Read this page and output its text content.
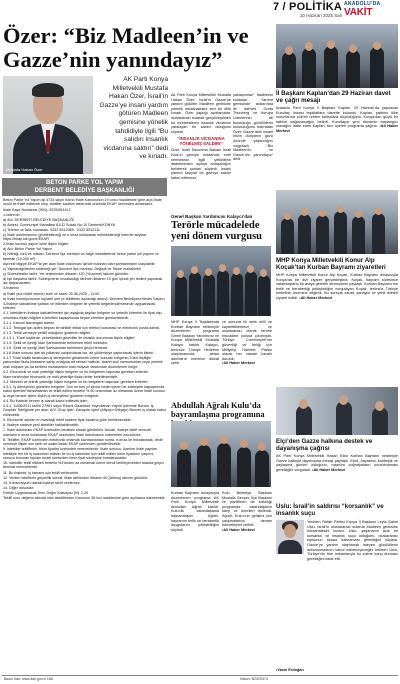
7 / POLİTİKA
10 Haziran 2025 Salı
ANADOLU'DA
VAKİT
Özer: “Biz Madleen’in ve Gazze’nin yanındayız”
Mustafa Hakan Özer
AK Parti Konya Milletvekili Mustafa Hakan Özer, İsrail’in Gazze’ye insani yardım götüren Madleen gemisine yönelik tahdidiyle ilgili “Bu salıdırı insanlık vicdanına saldırı” dedi ve kınadı.

Ak Parti Konya Milletvekili Mustafa Hakan Özer, İsrail’in Gazze’ye yardım götüren Madleen gemisine yönelik müdahalesini sert bir dille kınadı. Özer yaptığı açıklamada, uluslararası sularda gerçekleştirilen bu müdahalenin insanlık vicdanını yaralayan bir saldırı olduğunu söyledi.

“İNSANLIK VİCDANINA YÖNELMİŞ SALDIRI”

Özer, İsrail Savunma Bakanı İsrail Katz’ın gemiye müdahale emri vermesinin ilgili yetkililerin ifadelerinden açıkça anlaşıldığını belirterek şunları söyledi: İnsani yardım taşıyan bir gemiye saldırı kabul edilemez.

yaklaşımları” ifadelerini kullanan Yardım gemisinde aralarında ile dahveli Greta Thunberg ve Avrupa Liderlerinin de bulunduğu gönüllülerin bulunduğunu hatırlatan Özer, Gazze’deki insani krizin dünyanın gözü önünde yaşandığını vurguladı. “Biz Madleen’in ve Gazze’nin yanındayız” dedi.

BETON PARKE YOL YAPIM
DERBENT BELEDİYE BAŞKANLIĞI

Beton Parke Yol Yapım işi 4734 sayılı Kamu İhale Kanununun 19 uncu maddesine göre açık ihale usulü ile ihale edilecek olup, teklifler sadece elektronik ortamda EKAP üzerinden alınacaktır.

İhale Kayıt Numarası (İKN): 2025/951412

1-İdarenin

a) Adı: DERBENT BELEDİYE BAŞKANLIĞI

b) Adresi: Cumhuriyet Mahallesi 81/11 Sokak No:10 Derbent/KONYA

c) Telefon ve faks numarası: 0332 5512985 - 0332 5512111

ç) İhale dokümanının görülebileceği ve e-imza kullanarak indirilebileceği internet sayfası: https://ekap.kik.gov.tr/EKAP/

2-İhale konusu yapım işine ilişkin bilgiler

a) Adı: Beton Parke Yol Yapım

b) Niteliği, türü ve miktarı: Derbent İlçe merkezi ve bağlı mahallelerde beton parke yol yapımı ve tamiratı (15.000 m²)

Ayrıntılı bilgiye EKAP’ta yer alan ihale dokümanı içinde bulunan idari şartnameden ulaşılabilir.

c) Yapılacağı/teslim edileceği yer: Derbent İlçe merkezi, Değişik ve Tekke mahalleleri

ç) Süresi/teslim tarihi: Yer tesliminden itibaren 120 (Yüzyirmi) takvim günüdür.

d) İşe başlama tarihi: Sözleşmenin imzalandığı tarihten itibaren 10 gün içinde yer teslimi yapılarak işe başlanacaktır.

3-İhalenin

a) İhale (son teklif verme) tarih ve saati: 25.06.2025 - 11:00

b) İhale komisyonunun toplantı yeri (e-tekliflerin açılacağı adres): Derbent Belediyesi Meclis Salonu

4-İhaleye katılabilme şartları ve istenilen belgeler ile yeterlik değerlendirmesinde uygulanacak kriterler:

4.1. İsteklilerin ihaleye katılabilmeleri için aşağıda sayılan belgeler ve yeterlik kriterleri ile fiyat dışı unsurlara ilişkin bilgileri e-teklifleri kapsamında beyan etmeleri gerekmektedir.

4.1.1. Kanuni ikametgah adresi.

4.1.2. Tebligat için adres beyanı ile birlikte irtibat için telefon numarası ve elektronik posta adresi.

4.1.3. Teklif vermeye yetkili olduğunu gösteren bilgiler.

4.1.3.1. Tüzel kişilerde, yönetimdeki görevliler ile ortaklık durumuna ilişkin bilgiler.

4.1.4. Şekli ve içeriği İdari Şartnamede belirlenen teklif mektubu.

4.1.5. Şekli ve içeriği İdari Şartnamede belirlenen geçici teminat.

4.1.6 İhale konusu işte alt yüklenici çalıştırılacak ise, alt yükleniciye yaptırılacak işlerin listesi.

4.1.7 Tüzel kişilik tarafından iş deneyimini göstermek üzere sunulan belgenin, tüzel kişiliğin yarısından fazla hissesine sahip ortağına ait olması halinde, ticaret sicil memurlukları veya yeminli mali müşavir ya da serbest muhasebeci mali müşavir tarafından düzenlenen belge.

4.2. Ekonomik ve mali yeterliğe ilişkin belgeler ve bu belgelerin taşıması gereken kriterler:

İdare tarafından ekonomik ve mali yeterliğe ilişkin kriter belirtilmemiştir.

4.3. Mesleki ve teknik yeterliğe ilişkin belgeler ve bu belgelerin taşıması gereken kriterler:

4.3.1. İş deneyimini gösteren belgeler: Son on beş yıl içinde bedel içeren bir sözleşme kapsamında kabul işlemleri tamamlanan ve teklif edilen bedelin % 50 oranından az olmamak üzere ihale konusu iş veya benzer işlere ilişkin iş deneyimini gösteren belgeler.

4.4. Bu ihalede benzer iş olarak kabul edilecek işler:

4.4.1. 11/06/2011 tarihli 27961 sayılı Resmi Gazetede Yayımlanan Yapım İşlerinde Benzer İş Grupları Tebliğinde yer alan; A/V. Grup İşler: Karayolu İşleri (Altyapı+Üstyapı) Benzer iş olarak kabul edilecektir.

5. Ekonomik açıdan en avantajlı teklif sadece fiyat esasına göre belirlenecektir.

6. İhaleye sadece yerli istekliler katılabilecektir.

7. İhale dokümanı EKAP üzerinden bedelsiz olarak görülebilir. Ancak, ihaleye teklif verecek olanların e-imza kullanarak EKAP üzerinden ihale dokümanını indirmeleri zorunludur.

8. Teklifler, EKAP üzerinden elektronik ortamda hazırlandıktan sonra, e-imza ile imzalanarak, teklif vermeye ilişkin son tarih ve saate kadar EKAP üzerinden gönderilecektir.

9. İstekliler tekliflerini, birim fiyatlar üzerinden vereceklerdir. İhale sonucu, üzerine ihale yapılan istekliyle her bir iş kaleminin miktarı ile bu iş kalemleri için teklif edilen birim fiyatların çarpımı sonucu bulunan toplam bedel üzerinden birim fiyat sözleşme imzalanacaktır.

10. İstekliler teklif ettikleri bedelin %3’ünden az olmamak üzere kendi belirleyecekleri tutarda geçici teminat vereceklerdir.

11. Bu ihalede, iş tamamı için teklif verilecektir.

12. Verilen tekliflerin geçerlilik süresi, ihale tarihinden itibaren 60 (Altmış) takvim günüdür.

13. Konsorsiyum olarak ihaleye teklif verilemez.

14. Diğer hususlar:

Feeldn Uygulanacak Sınır Değer Katsayısı (N): 1,20

Teklifi sınır değerin altında olan isteklilerden Kanunun 38 inci maddesine göre açıklama istenecektir.

Genel Başkan Yardımcısı Kalaycı’dan
Terörle mücadelede yeni dönem vurgusu

MHP Konya İl Teşkilatında Kurban Bayramı nedeniyle düzenlenen programa Genel Başkan Yardımcısı ve Konya Milletvekili Mustafa Kalaycı katıldı. Kalaycı, terörsüz Türkiye hedefine ulaşılmasında atılan adımların önemine dikkat çekti.

ve sonuna ilk defa milli ve kaybettiklerimizi ve uluslararası olarak terörle mücadele yoluna çıkılmıştır. Türkiye Cumhuriyeti’nin güvenliği ve birliği için Milliyetçi Hareket Partisi olarak her zaman kararlı durduk.

•Ali Haber Merkezi

Abdullah Ağralı Kulu’da bayramlaşma programına

Kurban Bayramı dolayısıyla düzenlenen programa AK Parti Konya Milletvekili Abdullah Ağralı katıldı. Kulu’da vatandaşlarla bayramlaşan Ağralı, bayramın birlik ve beraberlik duygularını pekiştirdiğini söyledi.

Kulu Belediye Başkanı Mustafa Gençer, İlçe Başkanı ve partililerin de katıldığı programda vatandaşların talep ve önerileri dinlendi. Ağralı, Kulu’nun gelişimi için çalışmalarına devam edeceklerini belirtti.

•Ali Haber Merkezi

İl Başkanı Kaplan’dan 29 Haziran davet ve çağrı mesajı
Anadolu Parti Konya İl Başkanı Kaplan, 29 Haziran’da yapılacak Kurultay öncesi teşkilatlara davette bulundu. Kaplan, partinin ülke sorunlarına çözüm üreten kadrolarla büyüdüğünü, Konya’dan güçlü bir katılım sağlanacağını belirtti. Kurultayın yeni dönemin başlangıcı olacağını ifade eden Kaplan, tüm üyeleri programa çağırdı. •Ali Haber Merkezi
MHP Konya Milletvekili Konur Alp Koçak’tan Kurban Bayramı ziyaretleri
MHP Konya Milletvekili Konur Alp Koçak, Kurban Bayramı dolayısıyla Konya’da bir dizi ziyaret gerçekleştirdi. Koçak, bayram süresince vatandaşlarla bir araya gelerek sevinçlerini paylaştı. Kurban Bayramı’nın birlik ve beraberliği pekiştirdiğini vurgulayan Koçak, terörsüz Türkiye hedefinin önemine değindi. Bu süreçte esnaf, sanayici ve şehit aileleri ziyaret edildi. •Ali Haber Merkezi
Elçi’den Gazze halkına destek ve dayanışma çağrısı
AK Parti Konya Milletvekili Hasan Ekici Kurban Bayramı nedeniyle Gazze halkıyla dayanışma mesajı paylaştı. Ekici, bayramın kardeşlik ve paylaşma günleri olduğunu, mazlum coğrafyaların unutulmaması gerektiğini vurguladı. •Ali Haber Merkezi
Uslu: İsrail’in saldırısı “korsanlık” ve insanlık suçu
Yeniden Refah Partisi Konya İl Başkanı Leyla Şahin Uslu, İsrail’in uluslararası sularda Madleen gemisine müdahalesini kınadı. Uslu, yaşananın açık bir korsanlık ve insanlık suçu olduğunu, uluslararası toplumun sessiz kalmaması gerektiğini söyledi. Gazze’ye yardım ulaştırmak isteyen gönüllülerin alıkonulmasının kabul edilemeyeceğini belirten Uslu, Türkiye’nin tüm imkanlarıyla bu zulme karşı durması gerektiğini ifade etti.
•Yasin Erdoğan
Basın İlan: www.ilan.gov.tr 166	Basın: B2329374
